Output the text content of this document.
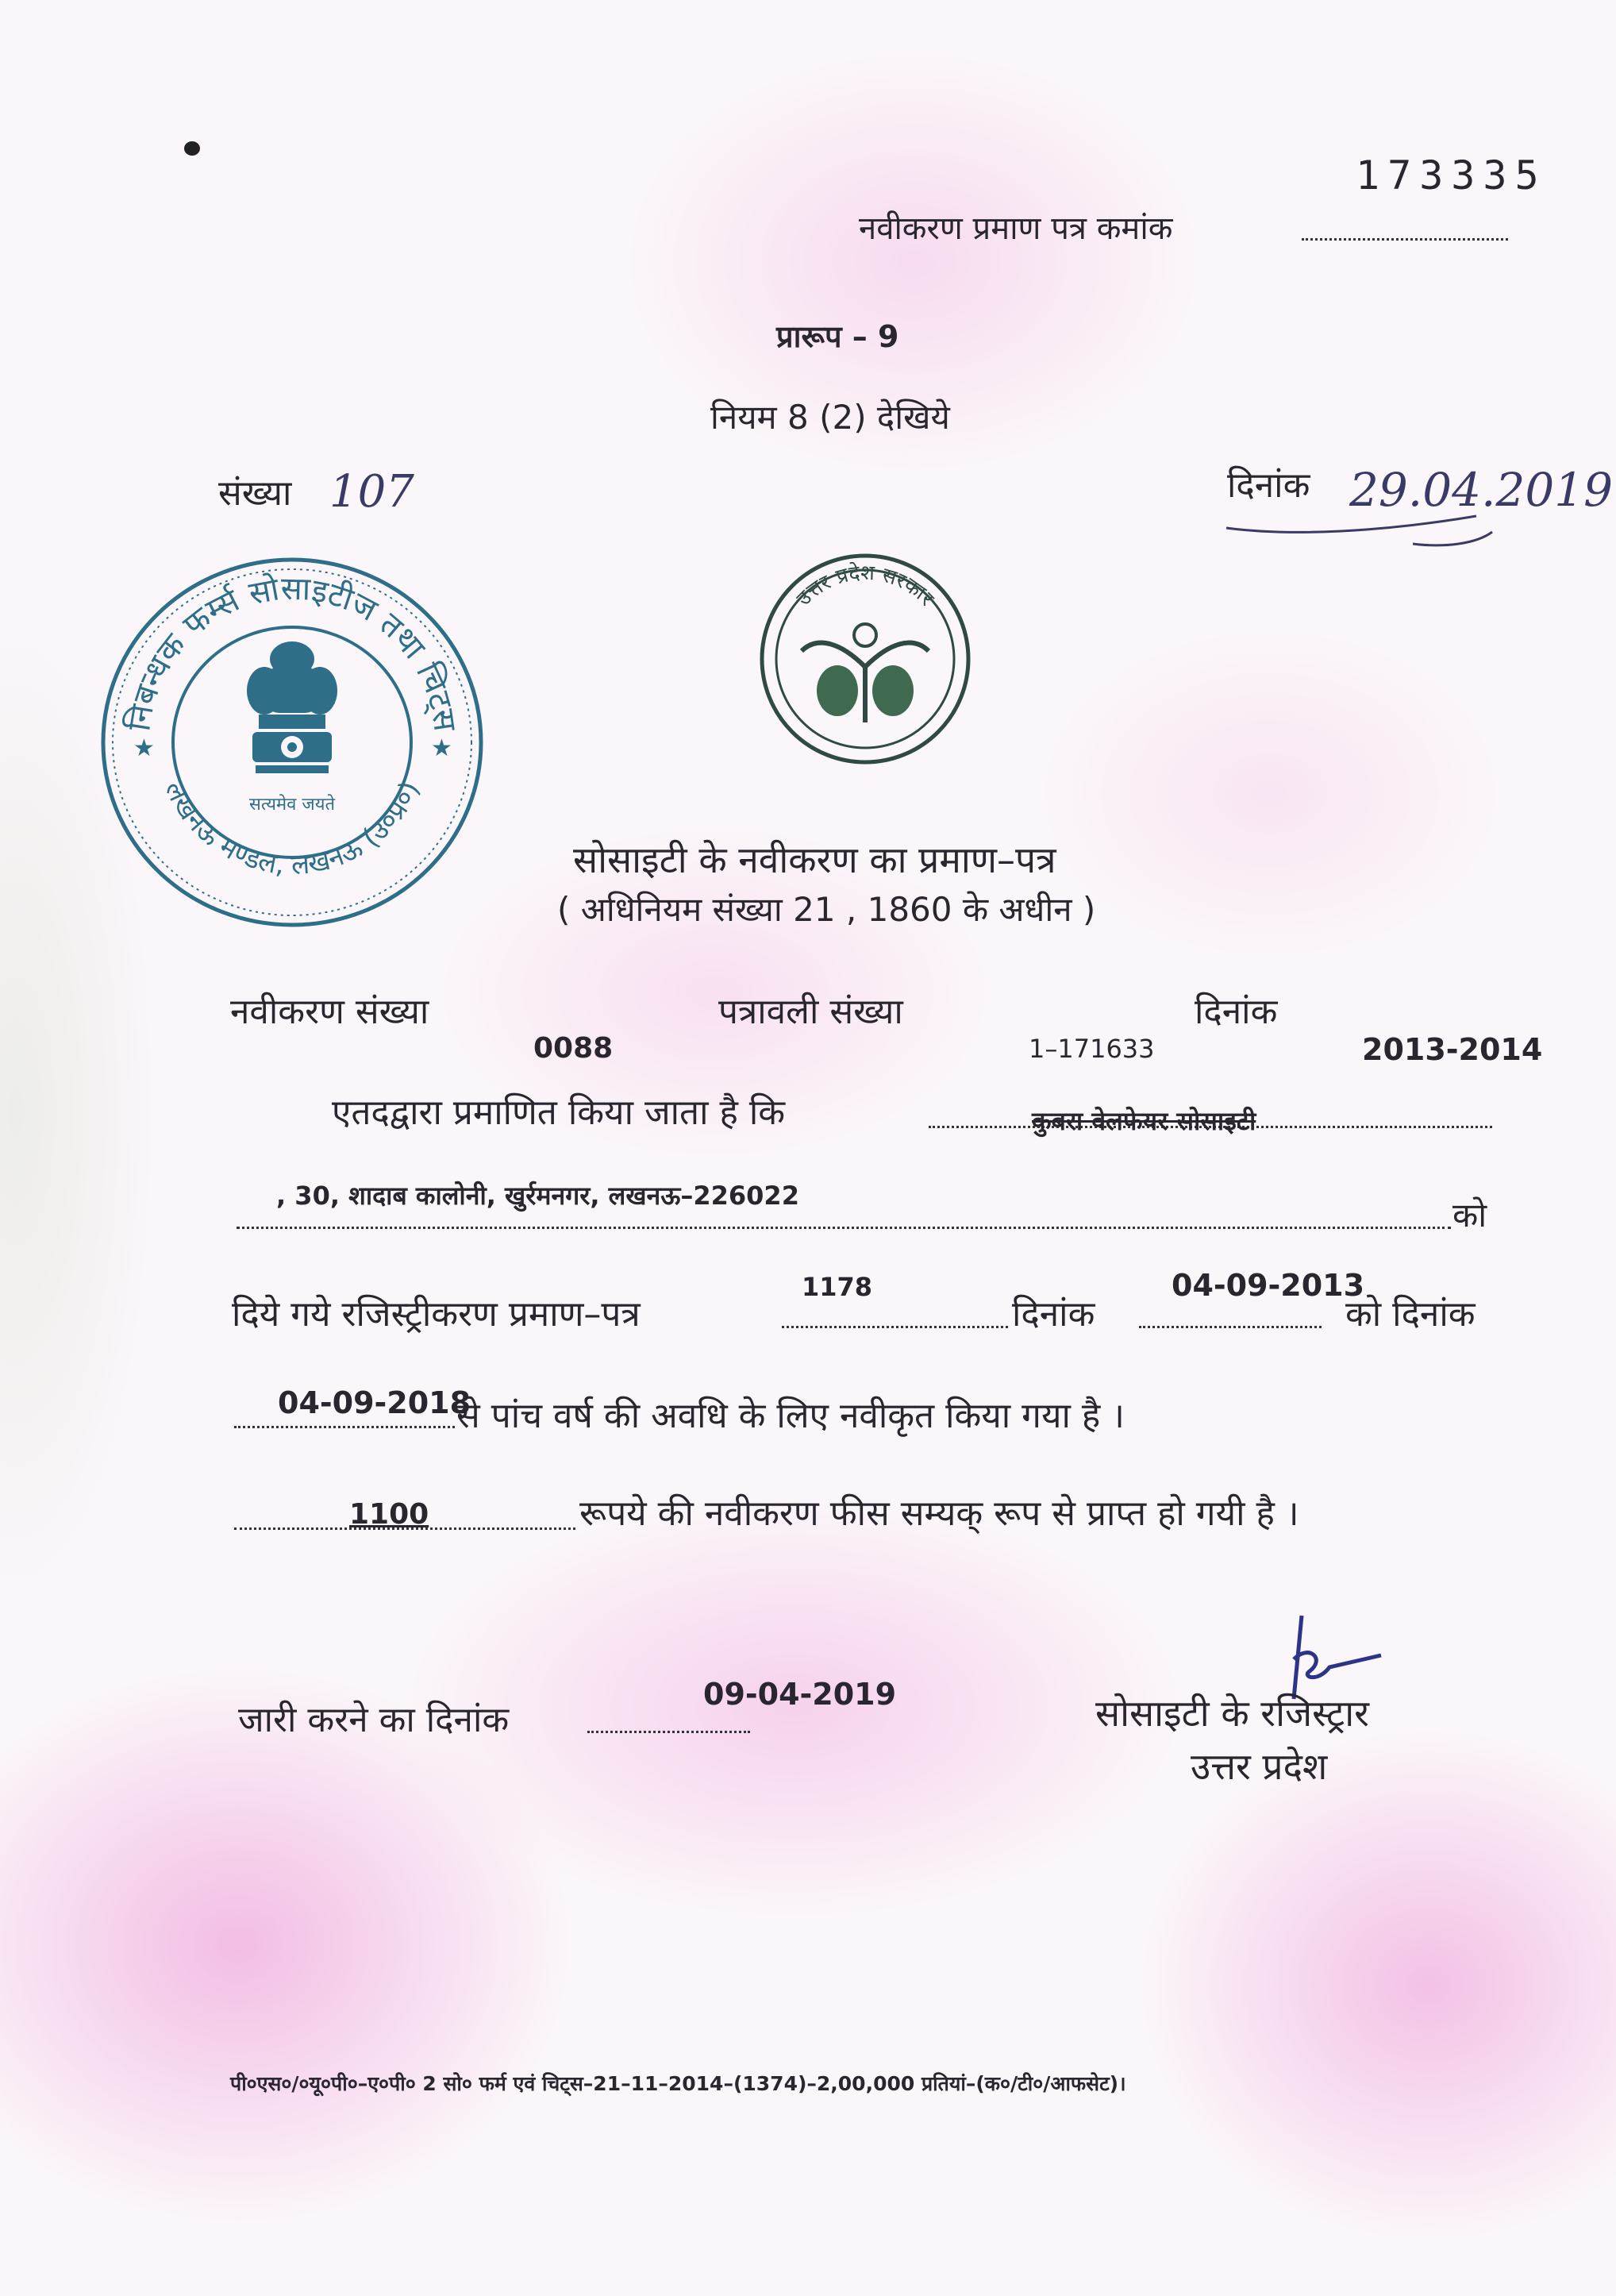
173335
नवीकरण प्रमाण पत्र कमांक
प्रारूप – 9
नियम 8 (2) देखिये
संख्या 107	दिनांक 29.04.2019
निबन्धक फर्म्स सोसाइटीज तथा चिट्स
लखनऊ मण्डल, लखनऊ (उ०प्र०)
★	★
सत्यमेव जयते
उत्तर प्रदेश सरकार
सोसाइटी के नवीकरण का प्रमाण–पत्र
( अधिनियम संख्या 21 , 1860 के अधीन )
नवीकरण संख्या
0088
पत्रावली संख्या
1–171633
दिनांक
2013-2014
एतदद्वारा प्रमाणित किया जाता है कि	कुबरा वेलफेयर सोसाइटी
, 30, शादाब कालोनी, खुर्रमनगर, लखनऊ–226022	को
1178	04-09-2013
दिये गये रजिस्ट्रीकरण प्रमाण–पत्र	दिनांक	को दिनांक
04-09-2018
से पांच वर्ष की अवधि के लिए नवीकृत किया गया है ।
1100	रूपये की नवीकरण फीस सम्यक् रूप से प्राप्त हो गयी है ।
09-04-2019
जारी करने का दिनांक	सोसाइटी के रजिस्ट्रार
उत्तर प्रदेश
पी०एस०/०यू०पी०–ए०पी० 2 सो० फर्म एवं चिट्स–21–11–2014–(1374)–2,00,000 प्रतियां–(क०/टी०/आफसेट)।
